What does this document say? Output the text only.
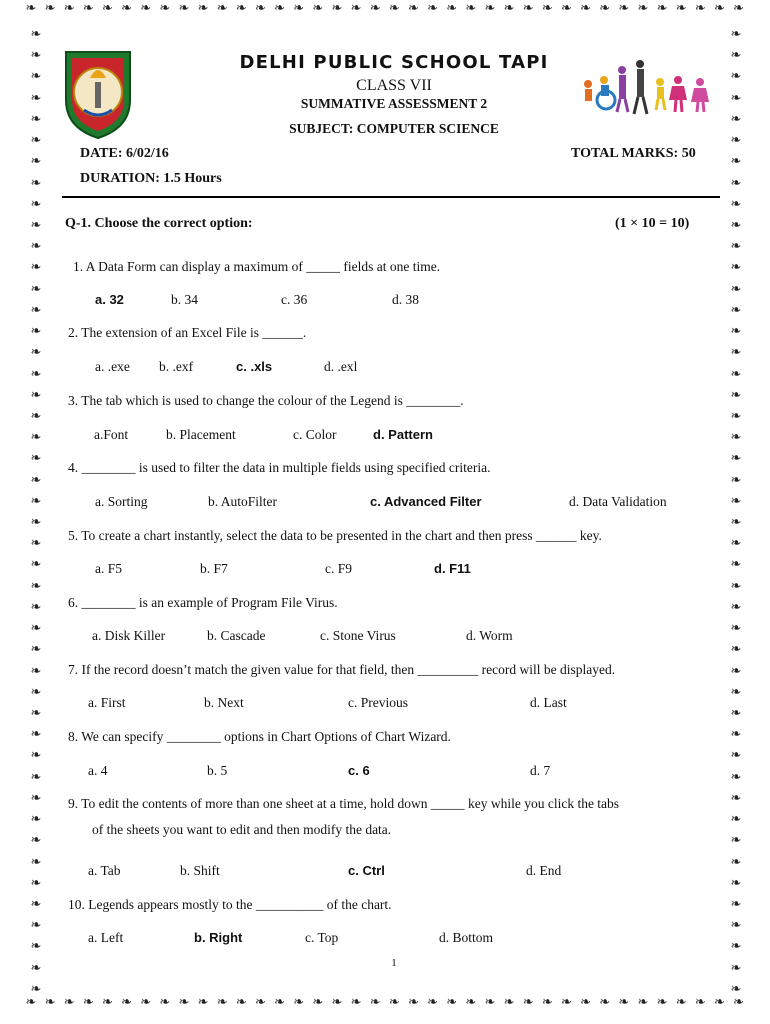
❧ ❧ ❧ ❧ ❧ ❧ ❧ ❧ ❧ ❧ ❧ ❧ ❧ ❧ ❧ ❧ ❧ ❧ ❧ ❧ ❧ ❧ ❧ ❧ ❧ ❧ ❧ ❧ ❧ ❧ ❧ ❧ ❧ ❧ ❧ ❧ ❧ ❧
❧ ❧ ❧ ❧ ❧ ❧ ❧ ❧ ❧ ❧ ❧ ❧ ❧ ❧ ❧ ❧ ❧ ❧ ❧ ❧ ❧ ❧ ❧ ❧ ❧ ❧ ❧ ❧ ❧ ❧ ❧ ❧ ❧ ❧ ❧ ❧ ❧ ❧
❧
❧
❧
❧
❧
❧
❧
❧
❧
❧
❧
❧
❧
❧
❧
❧
❧
❧
❧
❧
❧
❧
❧
❧
❧
❧
❧
❧
❧
❧
❧
❧
❧
❧
❧
❧
❧
❧
❧
❧
❧
❧
❧
❧
❧
❧
❧
❧
❧
❧
❧
❧
❧
❧
❧
❧
❧
❧
❧
❧
❧
❧
❧
❧
❧
❧
❧
❧
❧
❧
❧
❧
❧
❧
❧
❧
❧
❧
❧
❧
❧
❧
❧
❧
❧
❧
❧
❧
❧
❧
❧
❧
DELHI PUBLIC SCHOOL TAPI
CLASS VII
SUMMATIVE ASSESSMENT 2
SUBJECT: COMPUTER SCIENCE
DATE: 6/02/16	TOTAL MARKS: 50
DURATION: 1.5 Hours
Q-1. Choose the correct option:	(1 × 10 = 10)
1. A Data Form can display a maximum of _____ fields at one time.
a. 32	b. 34	c. 36	d. 38
2. The extension of an Excel File is ______.
a. .exe b. .exf	c. .xls	d. .exl
3. The tab which is used to change the colour of the Legend is ________.
a.Font	b. Placement	c. Color	d. Pattern
4. ________ is used to filter the data in multiple fields using specified criteria.
a. Sorting	b. AutoFilter	c. Advanced Filter	d. Data Validation
5. To create a chart instantly, select the data to be presented in the chart and then press ______ key.
a. F5	b. F7	c. F9	d. F11
6. ________ is an example of Program File Virus.
a. Disk Killer	b. Cascade	c. Stone Virus	d. Worm
7. If the record doesn’t match the given value for that field, then _________ record will be displayed.
a. First	b. Next	c. Previous	d. Last
8. We can specify ________ options in Chart Options of Chart Wizard.
a. 4	b. 5	c. 6	d. 7
9. To edit the contents of more than one sheet at a time, hold down _____ key while you click the tabs
of the sheets you want to edit and then modify the data.
a. Tab	b. Shift	c. Ctrl	d. End
10. Legends appears mostly to the __________ of the chart.
a. Left	b. Right	c. Top	d. Bottom
1
